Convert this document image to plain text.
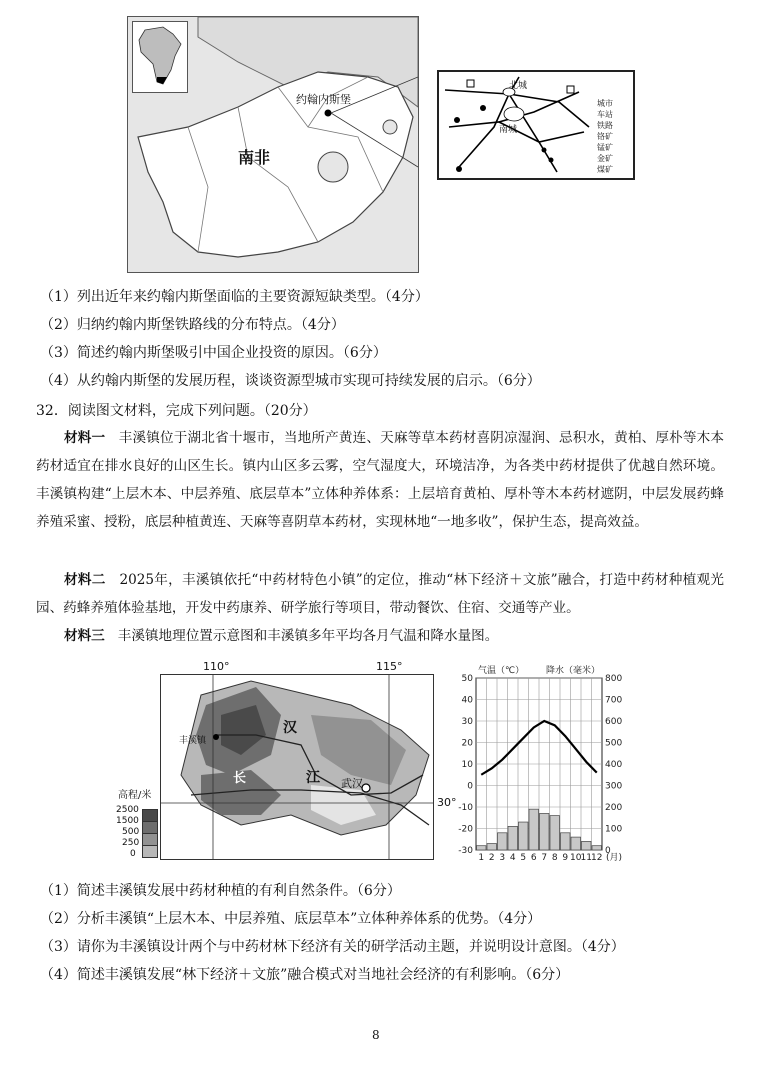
南非
约翰内斯堡
北城
南城
城市
车站
铁路
铬矿
锰矿
金矿
煤矿
（1）列出近年来约翰内斯堡面临的主要资源短缺类型。（4分）
（2）归纳约翰内斯堡铁路线的分布特点。（4分）
（3）简述约翰内斯堡吸引中国企业投资的原因。（6分）
（4）从约翰内斯堡的发展历程，谈谈资源型城市实现可持续发展的启示。（6分）
32．阅读图文材料，完成下列问题。（20分）
材料一 丰溪镇位于湖北省十堰市，当地所产黄连、天麻等草本药材喜阴凉湿润、忌积水，黄柏、厚朴等木本药材适宜在排水良好的山区生长。镇内山区多云雾，空气湿度大，环境洁净，为各类中药材提供了优越自然环境。丰溪镇构建“上层木本、中层养殖、底层草本”立体种养体系：上层培育黄柏、厚朴等木本药材遮阴，中层发展药蜂养殖采蜜、授粉，底层种植黄连、天麻等喜阴草本药材，实现林地“一地多收”，保护生态，提高效益。
材料二 2025年，丰溪镇依托“中药材特色小镇”的定位，推动“林下经济＋文旅”融合，打造中药材种植观光园、药蜂养殖体验基地，开发中药康养、研学旅行等项目，带动餐饮、住宿、交通等产业。
材料三 丰溪镇地理位置示意图和丰溪镇多年平均各月气温和降水量图。
丰溪镇
武汉
汉
江
长
110°	115°
30°
高程/米
2500
1500
500
250
0
50
40
30
20
10
0
-10
-20
-30
800
700
600
500
400
300
200
100
0
1 2 3 4 5 6 7 8 9 10 11 12 (月)
气温（℃） 降水（毫米）
（1）简述丰溪镇发展中药材种植的有利自然条件。（6分）
（2）分析丰溪镇“上层木本、中层养殖、底层草本”立体种养体系的优势。（4分）
（3）请你为丰溪镇设计两个与中药材林下经济有关的研学活动主题，并说明设计意图。（4分）
（4）简述丰溪镇发展“林下经济＋文旅”融合模式对当地社会经济的有利影响。（6分）
8
